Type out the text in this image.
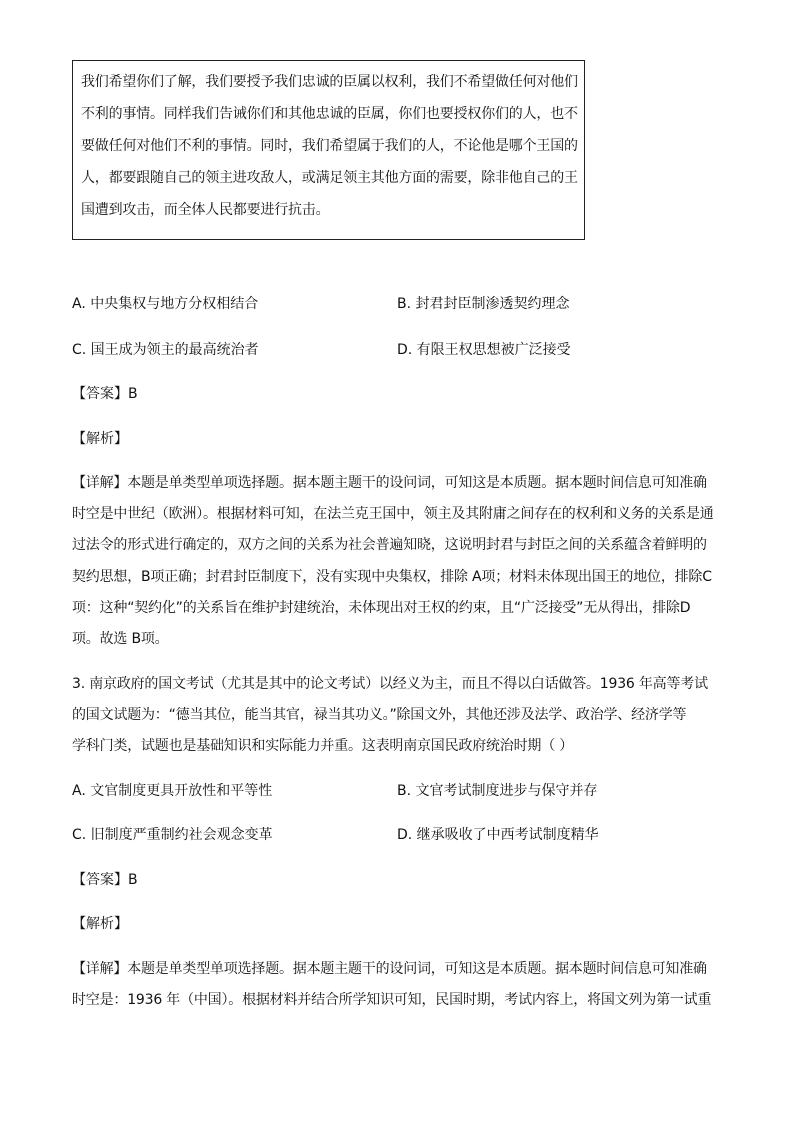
我们希望你们了解，我们要授予我们忠诚的臣属以权利，我们不希望做任何对他们
不利的事情。同样我们告诫你们和其他忠诚的臣属，你们也要授权你们的人，也不
要做任何对他们不利的事情。同时，我们希望属于我们的人，不论他是哪个王国的
人，都要跟随自己的领主进攻敌人，或满足领主其他方面的需要，除非他自己的王
国遭到攻击，而全体人民都要进行抗击。
A. 中央集权与地方分权相结合	B. 封君封臣制渗透契约理念
C. 国王成为领主的最高统治者	D. 有限王权思想被广泛接受
【答案】B
【解析】
【详解】本题是单类型单项选择题。据本题主题干的设问词，可知这是本质题。据本题时间信息可知准确
时空是中世纪（欧洲）。根据材料可知，在法兰克王国中，领主及其附庸之间存在的权利和义务的关系是通
过法令的形式进行确定的，双方之间的关系为社会普遍知晓，这说明封君与封臣之间的关系蕴含着鲜明的
契约思想，B项正确；封君封臣制度下，没有实现中央集权，排除 A项；材料未体现出国王的地位，排除C
项：这种“契约化”的关系旨在维护封建统治，未体现出对王权的约束，且“广泛接受”无从得出，排除D
项。故选 B项。
3. 南京政府的国文考试（尤其是其中的论文考试）以经义为主，而且不得以白话做答。1936 年高等考试
的国文试题为：“德当其位，能当其官，禄当其功义。”除国文外，其他还涉及法学、政治学、经济学等
学科门类，试题也是基础知识和实际能力并重。这表明南京国民政府统治时期（ ）
A. 文官制度更具开放性和平等性	B. 文官考试制度进步与保守并存
C. 旧制度严重制约社会观念变革	D. 继承吸收了中西考试制度精华
【答案】B
【解析】
【详解】本题是单类型单项选择题。据本题主题干的设问词，可知这是本质题。据本题时间信息可知准确
时空是：1936 年（中国）。根据材料并结合所学知识可知，民国时期，考试内容上，将国文列为第一试重
